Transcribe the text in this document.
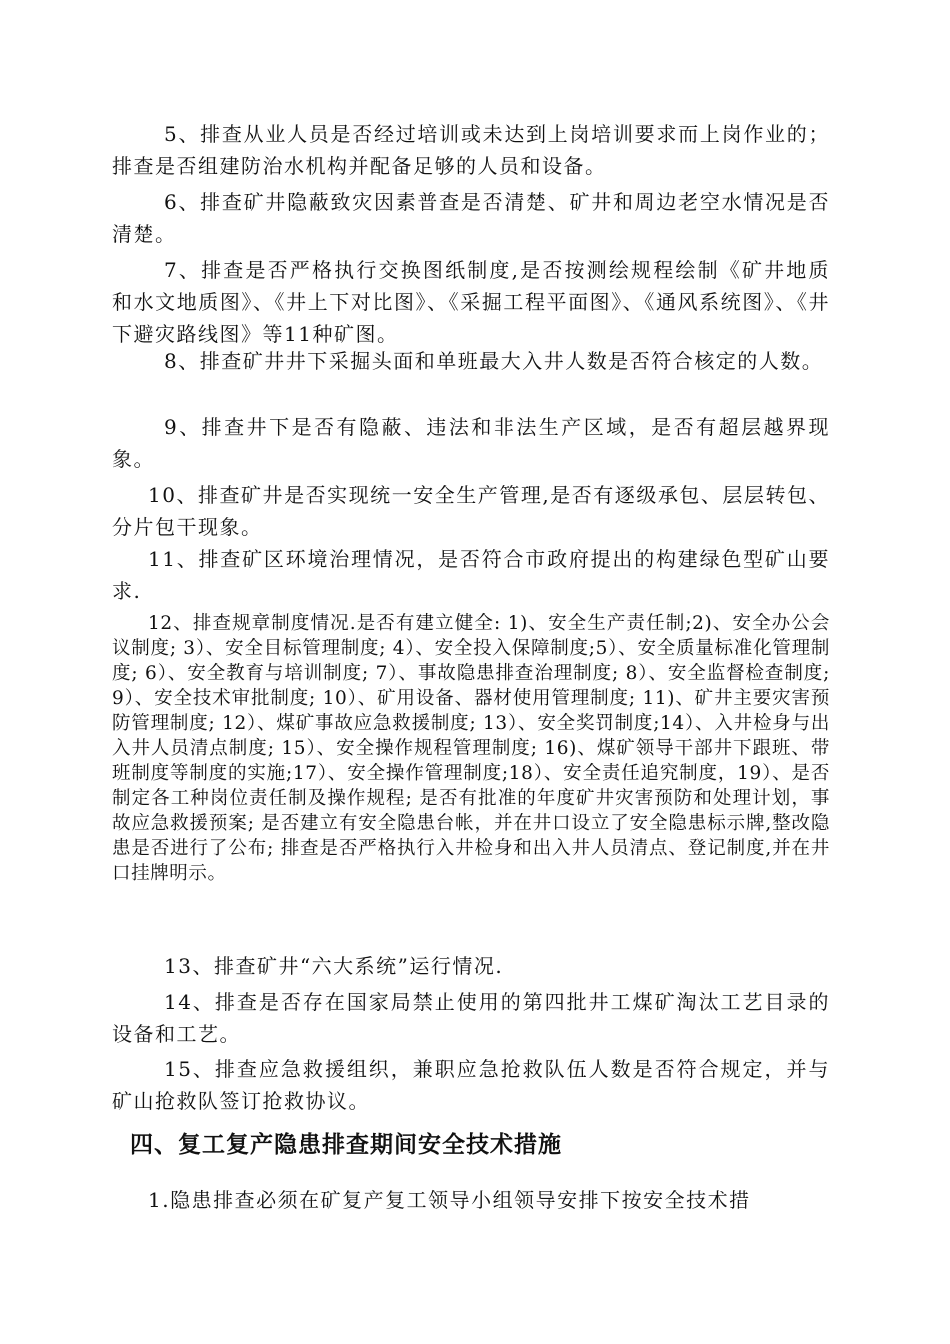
5、排查从业人员是否经过培训或未达到上岗培训要求而上岗作业的；排查是否组建防治水机构并配备足够的人员和设备。

6、排查矿井隐蔽致灾因素普查是否清楚、矿井和周边老空水情况是否清楚。

7、排查是否严格执行交换图纸制度,是否按测绘规程绘制《矿井地质和水文地质图》、《井上下对比图》、《采掘工程平面图》、《通风系统图》、《井下避灾路线图》等11种矿图。

8、排查矿井井下采掘头面和单班最大入井人数是否符合核定的人数。

9、排查井下是否有隐蔽、违法和非法生产区域，是否有超层越界现象。

10、排查矿井是否实现统一安全生产管理,是否有逐级承包、层层转包、分片包干现象。

11、排查矿区环境治理情况，是否符合市政府提出的构建绿色型矿山要求.

12、排查规章制度情况.是否有建立健全: 1)、安全生产责任制;2)、安全办公会议制度; 3）、安全目标管理制度; 4）、安全投入保障制度;5）、安全质量标准化管理制度; 6）、安全教育与培训制度; 7）、事故隐患排查治理制度; 8）、安全监督检查制度; 9）、安全技术审批制度; 10）、矿用设备、器材使用管理制度; 11)、矿井主要灾害预防管理制度; 12）、煤矿事故应急救援制度; 13）、安全奖罚制度;14）、入井检身与出入井人员清点制度; 15）、安全操作规程管理制度; 16)、煤矿领导干部井下跟班、带班制度等制度的实施;17）、安全操作管理制度;18）、安全责任追究制度，19）、是否制定各工种岗位责任制及操作规程; 是否有批准的年度矿井灾害预防和处理计划，事故应急救援预案; 是否建立有安全隐患台帐，并在井口设立了安全隐患标示牌,整改隐患是否进行了公布; 排查是否严格执行入井检身和出入井人员清点、登记制度,并在井口挂牌明示。

13、排查矿井“六大系统”运行情况.

14、排查是否存在国家局禁止使用的第四批井工煤矿淘汰工艺目录的设备和工艺。

15、排查应急救援组织，兼职应急抢救队伍人数是否符合规定，并与矿山抢救队签订抢救协议。

四、复工复产隐患排查期间安全技术措施

1.隐患排查必须在矿复产复工领导小组领导安排下按安全技术措
